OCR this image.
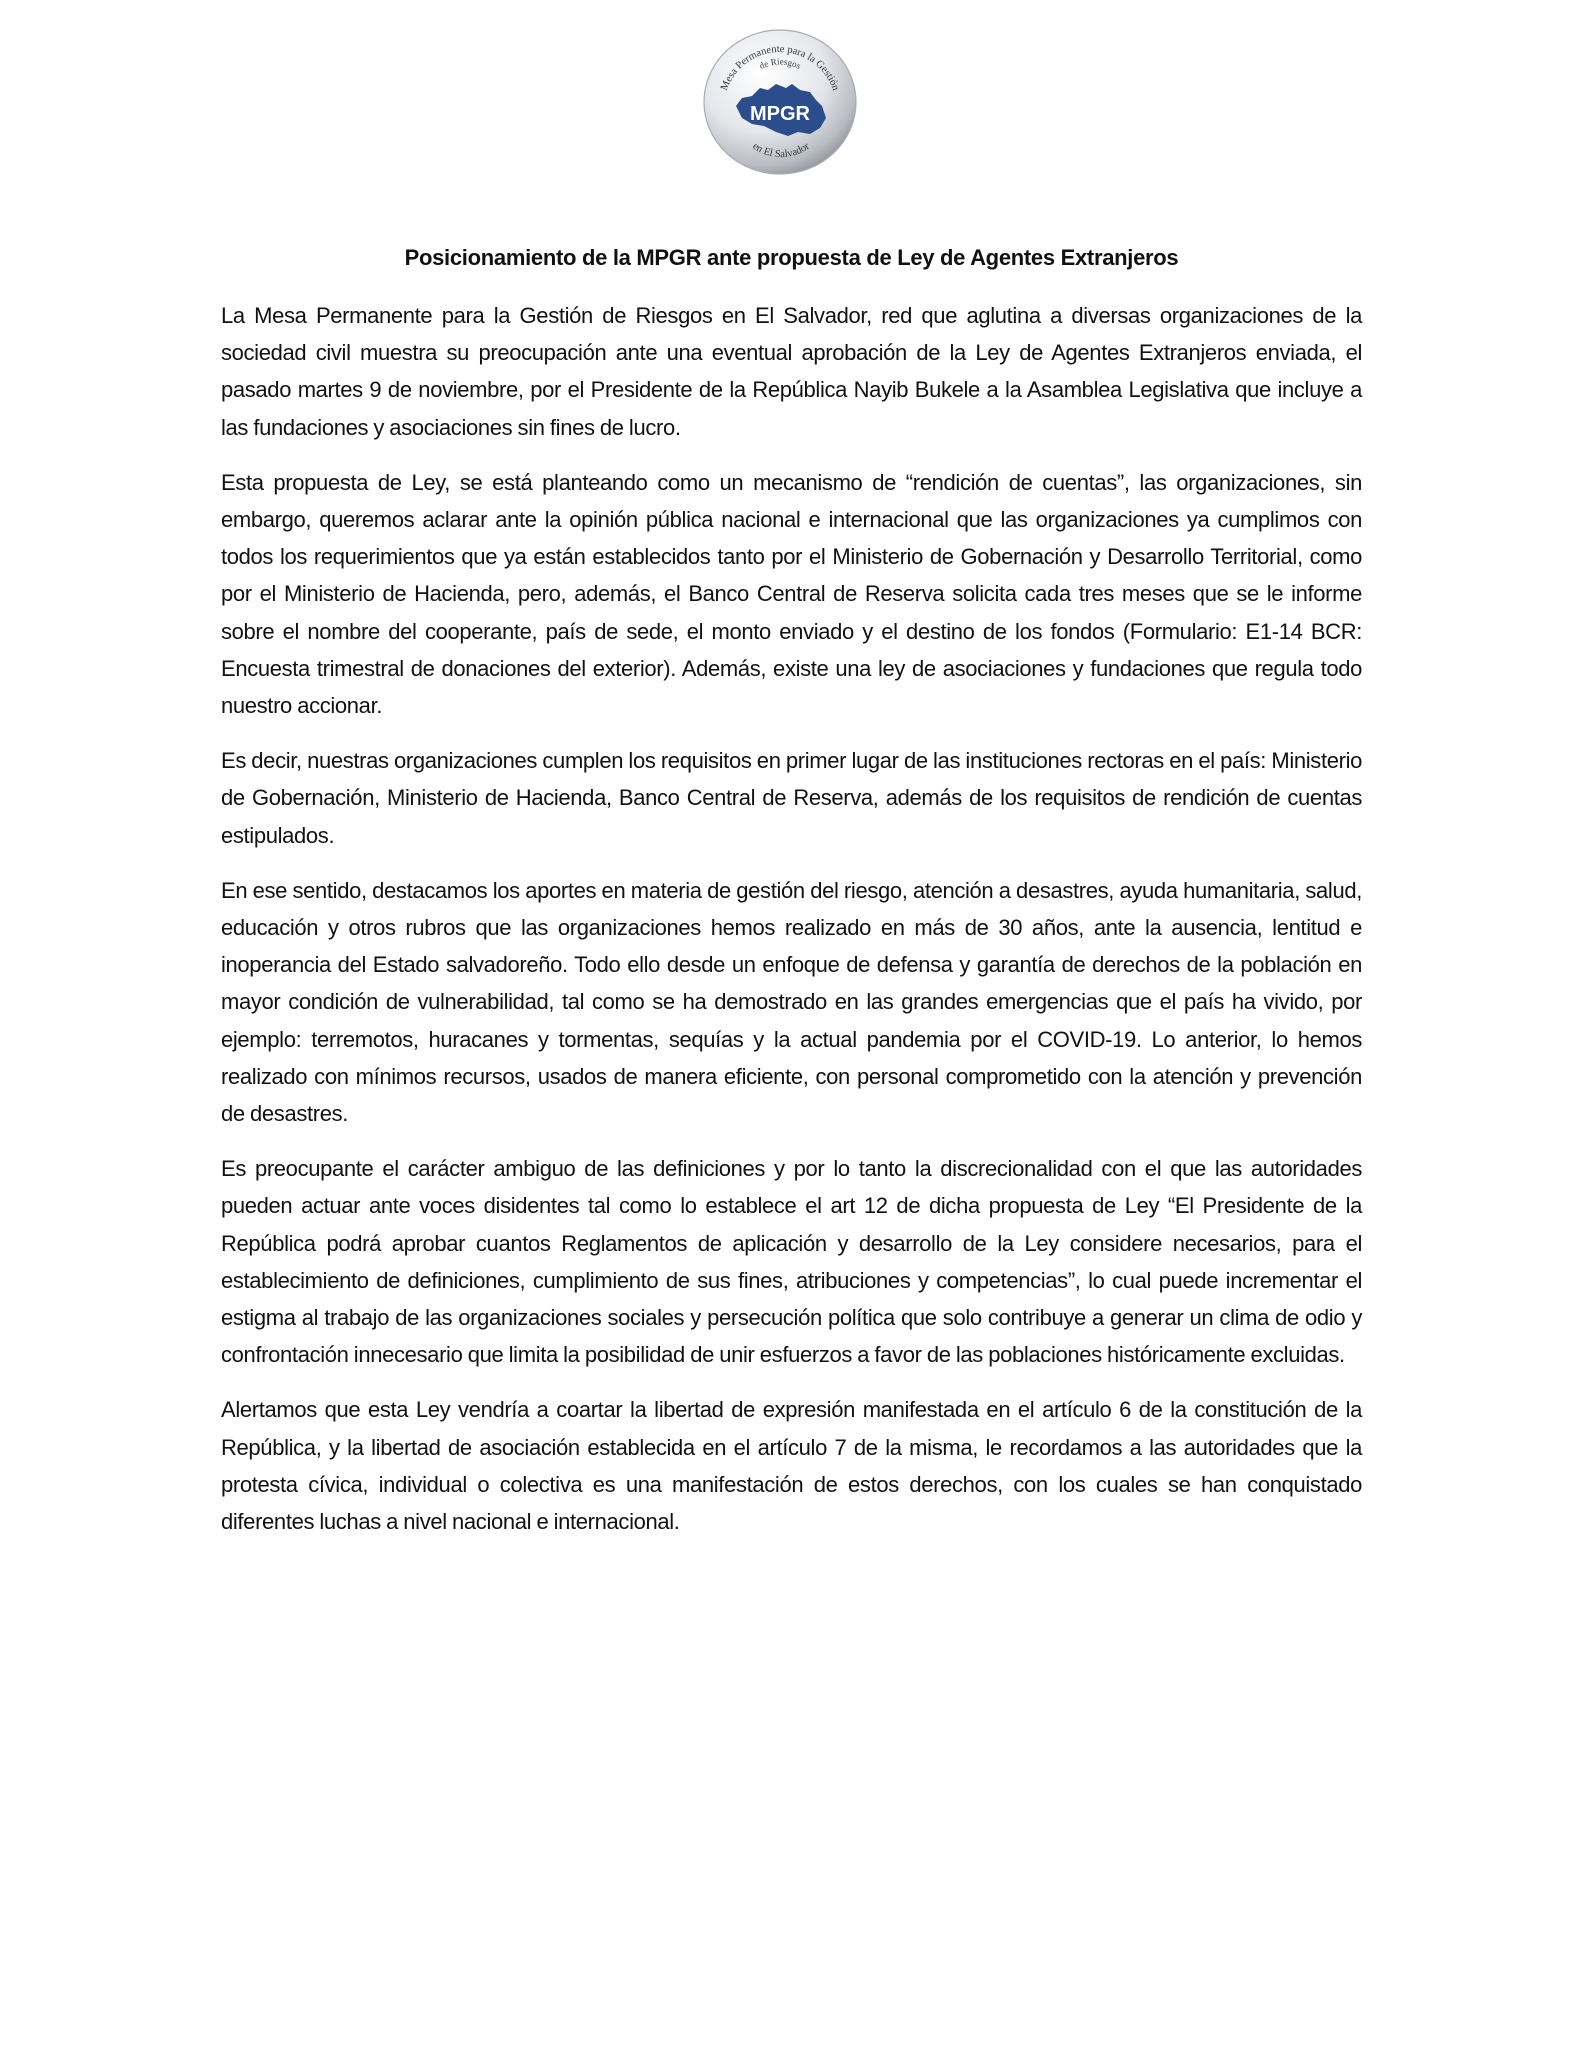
MPGR
Mesa Permanente para la Gestión
de Riesgos
en El Salvador
Posicionamiento de la MPGR ante propuesta de Ley de Agentes Extranjeros

La Mesa Permanente para la Gestión de Riesgos en El Salvador, red que aglutina a diversas organizaciones de la sociedad civil muestra su preocupación ante una eventual aprobación de la Ley de Agentes Extranjeros enviada, el pasado martes 9 de noviembre, por el Presidente de la República Nayib Bukele a la Asamblea Legislativa que incluye a las fundaciones y asociaciones sin fines de lucro.

Esta propuesta de Ley, se está planteando como un mecanismo de “rendición de cuentas”, las organizaciones, sin embargo, queremos aclarar ante la opinión pública nacional e internacional que las organizaciones ya cumplimos con todos los requerimientos que ya están establecidos tanto por el Ministerio de Gobernación y Desarrollo Territorial, como por el Ministerio de Hacienda, pero, además, el Banco Central de Reserva solicita cada tres meses que se le informe sobre el nombre del cooperante, país de sede, el monto enviado y el destino de los fondos (Formulario: E1-14 BCR: Encuesta trimestral de donaciones del exterior). Además, existe una ley de asociaciones y fundaciones que regula todo nuestro accionar.

Es decir, nuestras organizaciones cumplen los requisitos en primer lugar de las instituciones rectoras en el país: Ministerio de Gobernación, Ministerio de Hacienda, Banco Central de Reserva, además de los requisitos de rendición de cuentas estipulados.

En ese sentido, destacamos los aportes en materia de gestión del riesgo, atención a desastres, ayuda humanitaria, salud, educación y otros rubros que las organizaciones hemos realizado en más de 30 años, ante la ausencia, lentitud e inoperancia del Estado salvadoreño. Todo ello desde un enfoque de defensa y garantía de derechos de la población en mayor condición de vulnerabilidad, tal como se ha demostrado en las grandes emergencias que el país ha vivido, por ejemplo: terremotos, huracanes y tormentas, sequías y la actual pandemia por el COVID-19. Lo anterior, lo hemos realizado con mínimos recursos, usados de manera eficiente, con personal comprometido con la atención y prevención de desastres.

Es preocupante el carácter ambiguo de las definiciones y por lo tanto la discrecionalidad con el que las autoridades pueden actuar ante voces disidentes tal como lo establece el art 12 de dicha propuesta de Ley “El Presidente de la República podrá aprobar cuantos Reglamentos de aplicación y desarrollo de la Ley considere necesarios, para el establecimiento de definiciones, cumplimiento de sus fines, atribuciones y competencias”, lo cual puede incrementar el estigma al trabajo de las organizaciones sociales y persecución política que solo contribuye a generar un clima de odio y confrontación innecesario que limita la posibilidad de unir esfuerzos a favor de las poblaciones históricamente excluidas.

Alertamos que esta Ley vendría a coartar la libertad de expresión manifestada en el artículo 6 de la constitución de la República, y la libertad de asociación establecida en el artículo 7 de la misma, le recordamos a las autoridades que la protesta cívica, individual o colectiva es una manifestación de estos derechos, con los cuales se han conquistado diferentes luchas a nivel nacional e internacional.
